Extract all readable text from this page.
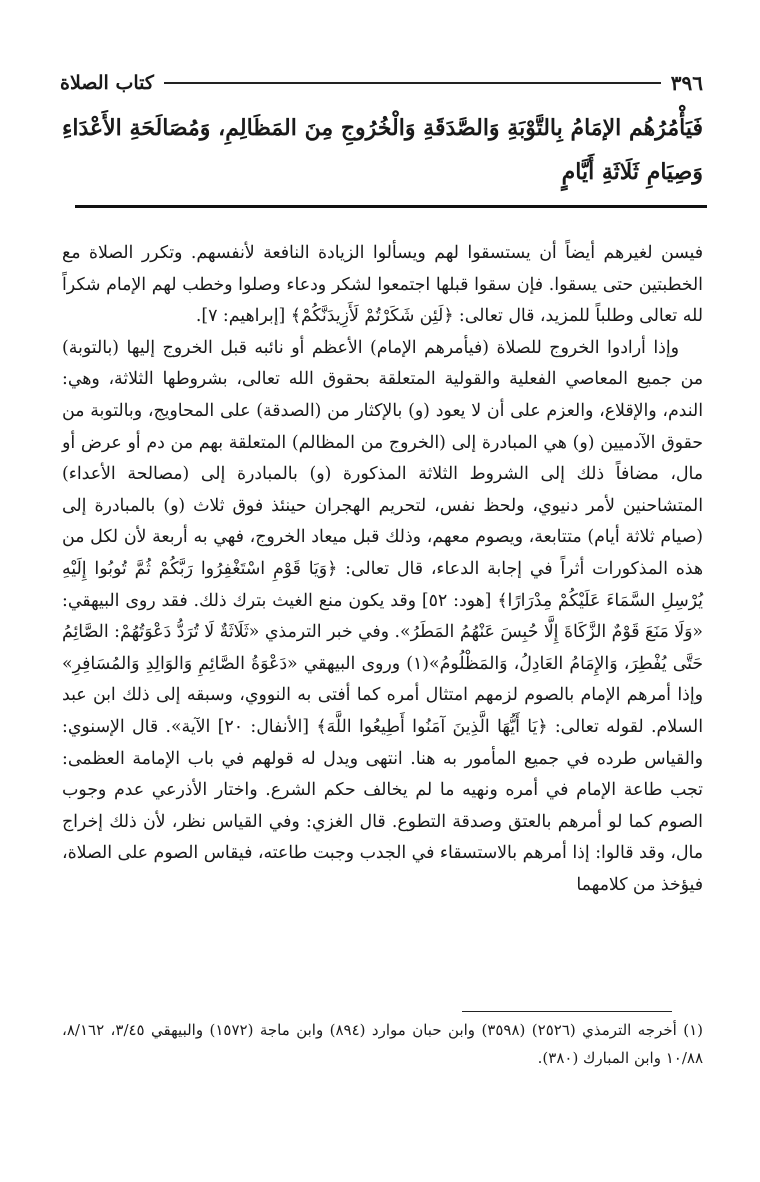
٣٩٦
كتاب الصلاة
فَيَأْمُرُهُم الإمَامُ بِالتَّوْبَةِ وَالصَّدَقَةِ وَالْخُرُوجِ مِنَ المَظَالِمِ، وَمُصَالَحَةِ الأَعْدَاءِ وَصِيَامِ ثَلَاثَةِ أَيَّامٍ

فيسن لغيرهم أيضاً أن يستسقوا لهم ويسألوا الزيادة النافعة لأنفسهم. وتكرر الصلاة مع الخطبتين حتى يسقوا. فإن سقوا قبلها اجتمعوا لشكر ودعاء وصلوا وخطب لهم الإمام شكراً لله تعالى وطلباً للمزيد، قال تعالى: ﴿لَئِن شَكَرْتُمْ لَأَزِيدَنَّكُمْ﴾ [إبراهيم: ٧].

وإذا أرادوا الخروج للصلاة (فيأمرهم الإمام) الأعظم أو نائبه قبل الخروج إليها (بالتوبة) من جميع المعاصي الفعلية والقولية المتعلقة بحقوق الله تعالى، بشروطها الثلاثة، وهي: الندم، والإقلاع، والعزم على أن لا يعود (و) بالإكثار من (الصدقة) على المحاويج، وبالتوبة من حقوق الآدميين (و) هي المبادرة إلى (الخروج من المظالم) المتعلقة بهم من دم أو عرض أو مال، مضافاً ذلك إلى الشروط الثلاثة المذكورة (و) بالمبادرة إلى (مصالحة الأعداء) المتشاحنين لأمر دنيوي، ولحظ نفس، لتحريم الهجران حينئذ فوق ثلاث (و) بالمبادرة إلى (صيام ثلاثة أيام) متتابعة، ويصوم معهم، وذلك قبل ميعاد الخروج، فهي به أربعة لأن لكل من هذه المذكورات أثراً في إجابة الدعاء، قال تعالى: ﴿وَيَا قَوْمِ اسْتَغْفِرُوا رَبَّكُمْ ثُمَّ تُوبُوا إِلَيْهِ يُرْسِلِ السَّمَاءَ عَلَيْكُمْ مِدْرَارًا﴾ [هود: ٥٢] وقد يكون منع الغيث بترك ذلك. فقد روى البيهقي: «وَلَا مَنَعَ قَوْمٌ الزَّكَاةَ إِلَّا حُبِسَ عَنْهُمُ المَطَرُ». وفي خبر الترمذي «ثَلَاثَةٌ لَا تُرَدُّ دَعْوَتُهُمْ: الصَّائِمُ حَتَّى يُفْطِرَ، وَالإِمَامُ العَادِلُ، وَالمَظْلُومُ»(١) وروى البيهقي «دَعْوَةُ الصَّائِمِ وَالوَالِدِ وَالمُسَافِرِ» وإذا أمرهم الإمام بالصوم لزمهم امتثال أمره كما أفتى به النووي، وسبقه إلى ذلك ابن عبد السلام. لقوله تعالى: ﴿يَا أَيُّهَا الَّذِينَ آمَنُوا أَطِيعُوا اللَّهَ﴾ [الأنفال: ٢٠] الآية». قال الإسنوي: والقياس طرده في جميع المأمور به هنا. انتهى ويدل له قولهم في باب الإمامة العظمى: تجب طاعة الإمام في أمره ونهيه ما لم يخالف حكم الشرع. واختار الأذرعي عدم وجوب الصوم كما لو أمرهم بالعتق وصدقة التطوع. قال الغزي: وفي القياس نظر، لأن ذلك إخراج مال، وقد قالوا: إذا أمرهم بالاستسقاء في الجدب وجبت طاعته، فيقاس الصوم على الصلاة، فيؤخذ من كلامهما

(١) أخرجه الترمذي (٢٥٢٦) (٣٥٩٨) وابن حبان موارد (٨٩٤) وابن ماجة (١٥٧٢) والبيهقي ٣/٤٥، ٨/١٦٢، ١٠/٨٨ وابن المبارك (٣٨٠).
